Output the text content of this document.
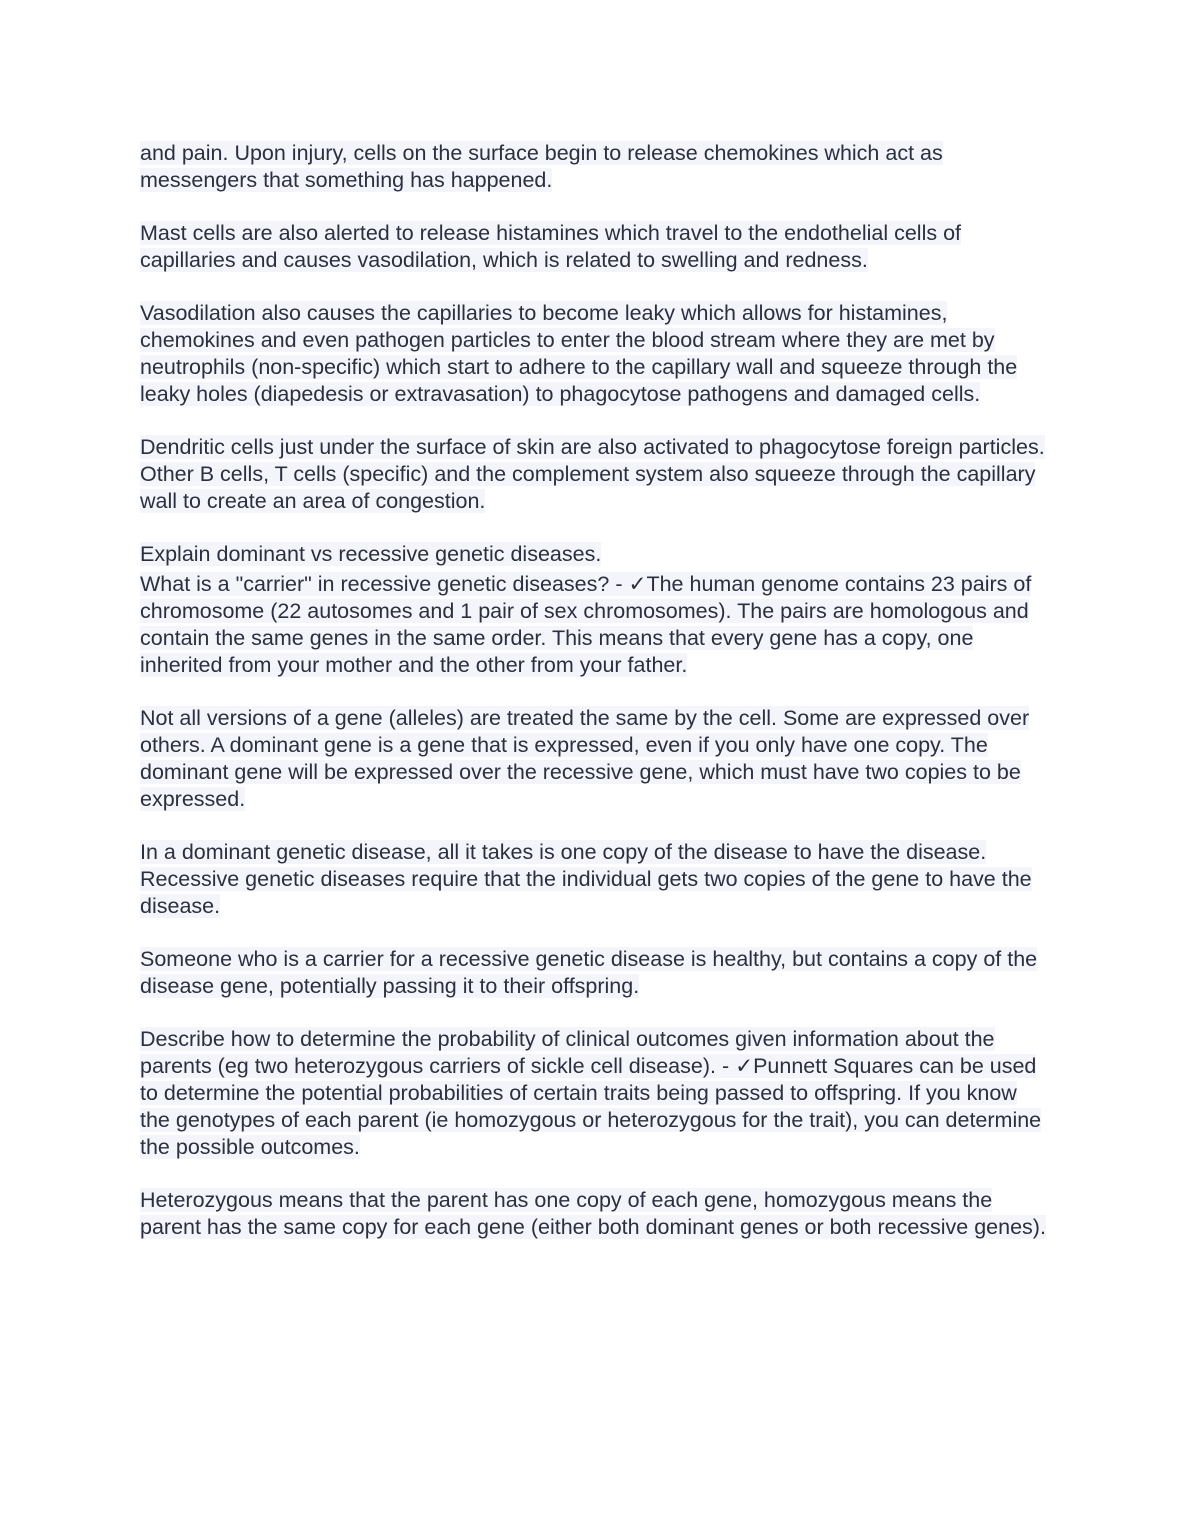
and pain. Upon injury, cells on the surface begin to release chemokines which act as messengers that something has happened.

Mast cells are also alerted to release histamines which travel to the endothelial cells of capillaries and causes vasodilation, which is related to swelling and redness.

Vasodilation also causes the capillaries to become leaky which allows for histamines, chemokines and even pathogen particles to enter the blood stream where they are met by neutrophils (non-specific) which start to adhere to the capillary wall and squeeze through the leaky holes (diapedesis or extravasation) to phagocytose pathogens and damaged cells.

Dendritic cells just under the surface of skin are also activated to phagocytose foreign particles. Other B cells, T cells (specific) and the complement system also squeeze through the capillary wall to create an area of congestion.

Explain dominant vs recessive genetic diseases.

What is a "carrier" in recessive genetic diseases? - ✓The human genome contains 23 pairs of chromosome (22 autosomes and 1 pair of sex chromosomes). The pairs are homologous and contain the same genes in the same order. This means that every gene has a copy, one inherited from your mother and the other from your father.

Not all versions of a gene (alleles) are treated the same by the cell. Some are expressed over others. A dominant gene is a gene that is expressed, even if you only have one copy. The dominant gene will be expressed over the recessive gene, which must have two copies to be expressed.

In a dominant genetic disease, all it takes is one copy of the disease to have the disease. Recessive genetic diseases require that the individual gets two copies of the gene to have the disease.

Someone who is a carrier for a recessive genetic disease is healthy, but contains a copy of the disease gene, potentially passing it to their offspring.

Describe how to determine the probability of clinical outcomes given information about the parents (eg two heterozygous carriers of sickle cell disease). - ✓Punnett Squares can be used to determine the potential probabilities of certain traits being passed to offspring. If you know the genotypes of each parent (ie homozygous or heterozygous for the trait), you can determine the possible outcomes.

Heterozygous means that the parent has one copy of each gene, homozygous means the parent has the same copy for each gene (either both dominant genes or both recessive genes).
